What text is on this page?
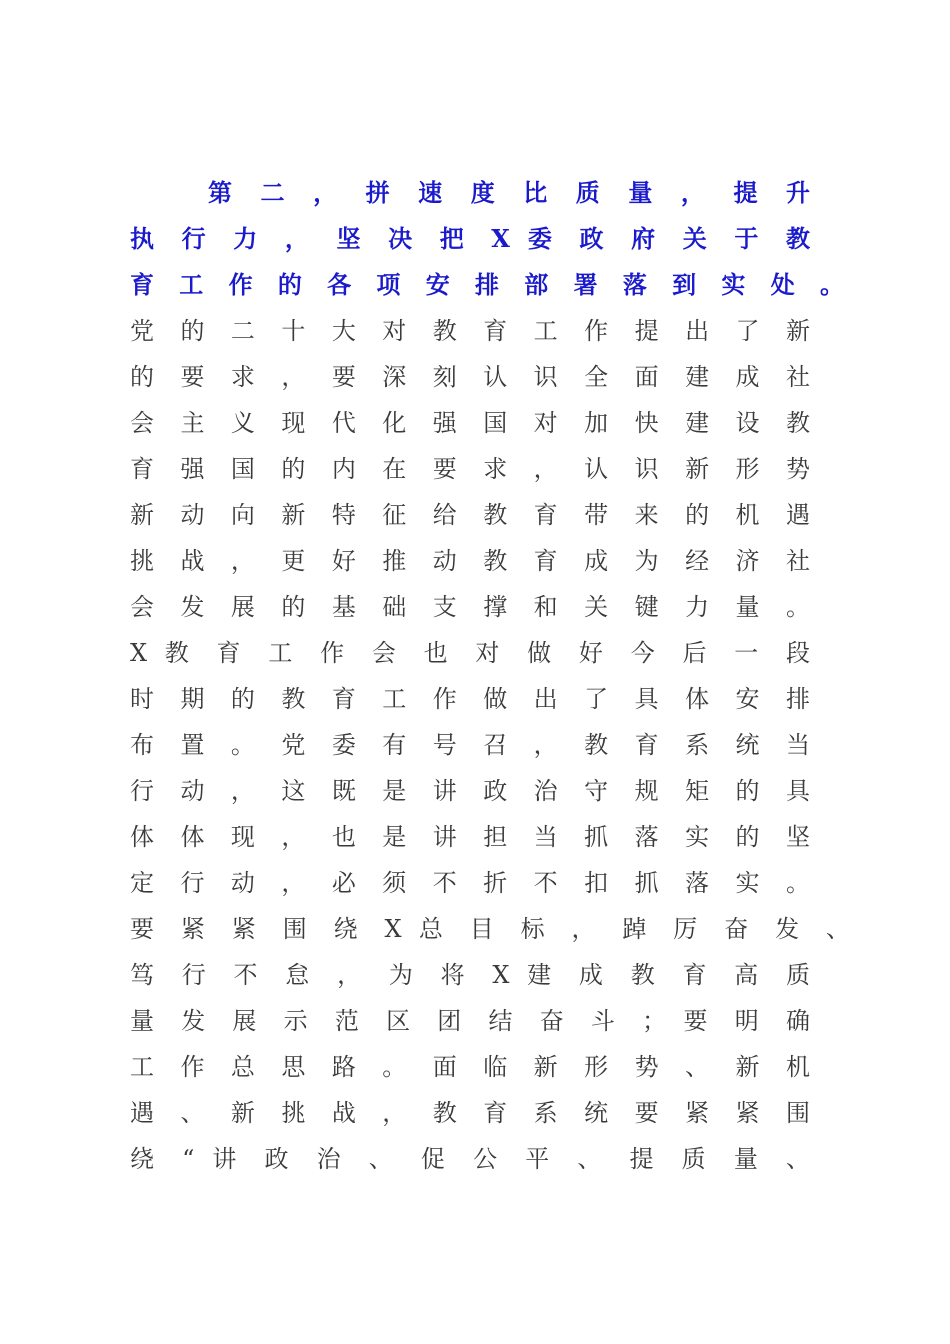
第 二 ， 拼 速 度 比 质 量 ， 提 升
执 行 力 ， 坚 决 把 X 委 政 府 关 于 教
育 工 作 的 各 项 安 排 部 署 落 到 实 处 。
党 的 二 十 大 对 教 育 工 作 提 出 了 新
的 要 求 ， 要 深 刻 认 识 全 面 建 成 社
会 主 义 现 代 化 强 国 对 加 快 建 设 教
育 强 国 的 内 在 要 求 ， 认 识 新 形 势
新 动 向 新 特 征 给 教 育 带 来 的 机 遇
挑 战 ， 更 好 推 动 教 育 成 为 经 济 社
会 发 展 的 基 础 支 撑 和 关 键 力 量 。
X 教 育 工 作 会 也 对 做 好 今 后 一 段
时 期 的 教 育 工 作 做 出 了 具 体 安 排
布 置 。 党 委 有 号 召 ， 教 育 系 统 当
行 动 ， 这 既 是 讲 政 治 守 规 矩 的 具
体 体 现 ， 也 是 讲 担 当 抓 落 实 的 坚
定 行 动 ， 必 须 不 折 不 扣 抓 落 实 。
要 紧 紧 围 绕 X 总 目 标 ， 踔 厉 奋 发 、
笃 行 不 怠 ， 为 将 X 建 成 教 育 高 质
量 发 展 示 范 区 团 结 奋 斗 ； 要 明 确
工 作 总 思 路 。 面 临 新 形 势 、 新 机
遇 、 新 挑 战 ， 教 育 系 统 要 紧 紧 围
绕 “ 讲 政 治 、 促 公 平 、 提 质 量 、
